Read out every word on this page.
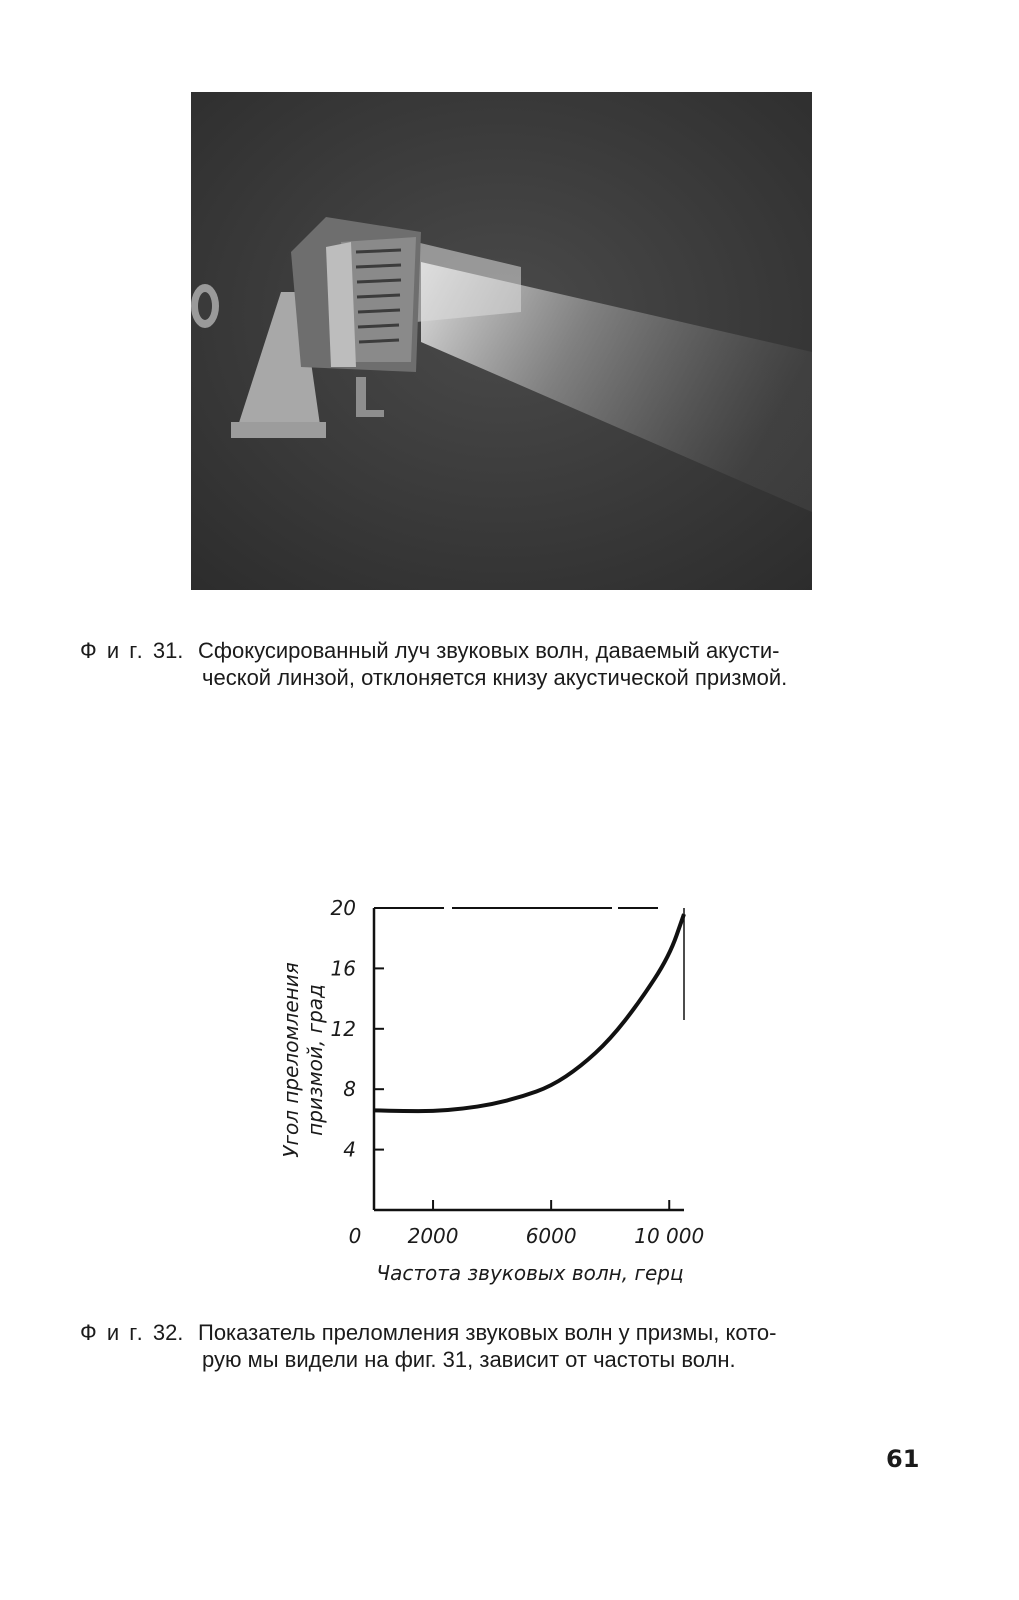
Ф и г. 31. Сфокусированный луч звуковых волн, даваемый акусти-
ческой линзой, отклоняется книзу акустической призмой.
4
8
12
16
20
2000	6000	10 000
0
Частота звуковых волн, герц
Угол преломления призмой, град
Ф и г. 32. Показатель преломления звуковых волн у призмы, кото-
рую мы видели на фиг. 31, зависит от частоты волн.
61
